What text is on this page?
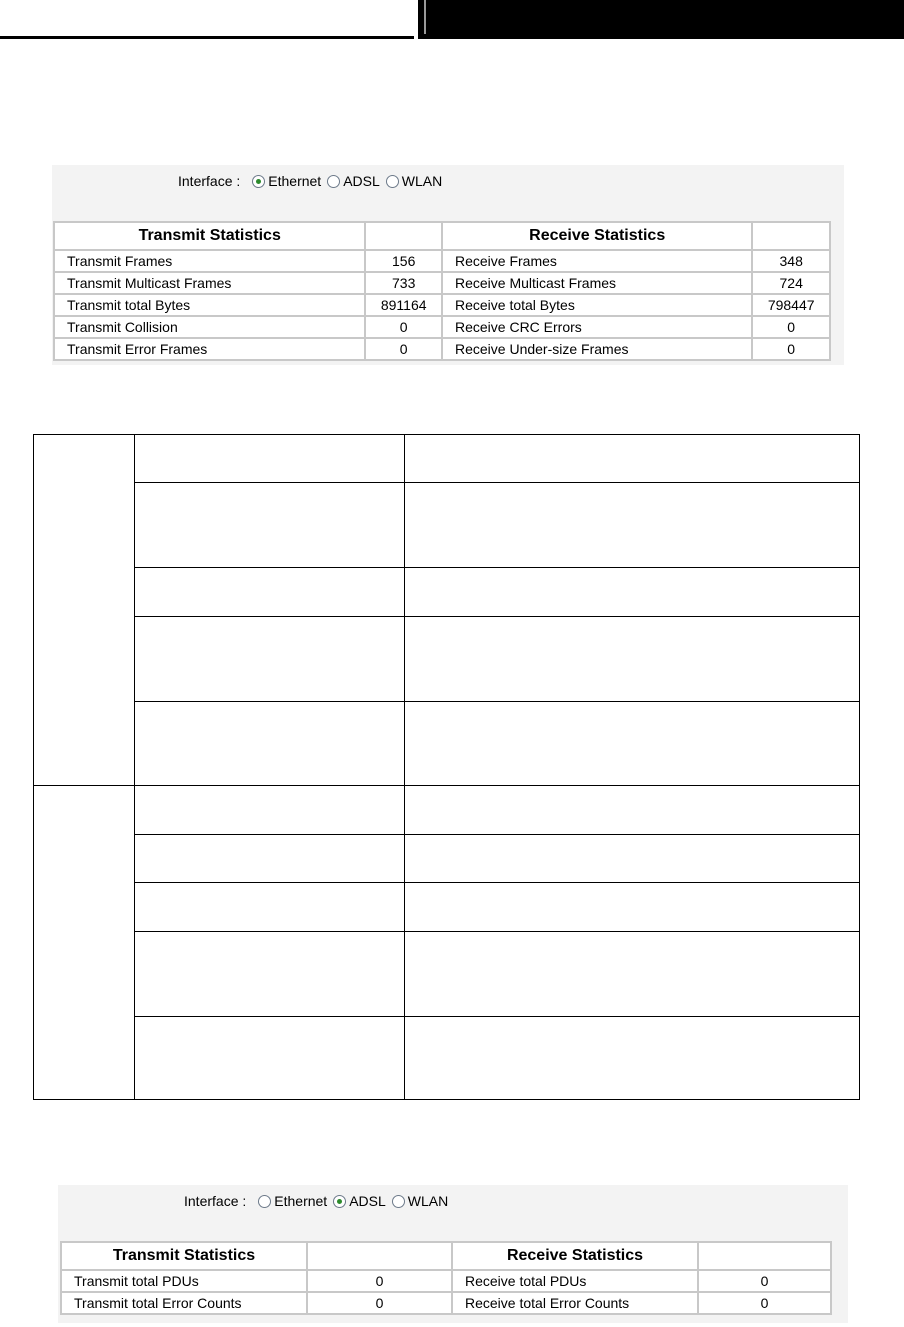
Interface : Ethernet ADSL WLAN
Transmit Statistics		Receive Statistics	
Transmit Frames	156	Receive Frames	348
Transmit Multicast Frames	733	Receive Multicast Frames	724
Transmit total Bytes	891164	Receive total Bytes	798447
Transmit Collision	0	Receive CRC Errors	0
Transmit Error Frames	0	Receive Under-size Frames	0

Interface : Ethernet ADSL WLAN
Transmit Statistics		Receive Statistics	
Transmit total PDUs	0	Receive total PDUs	0
Transmit total Error Counts	0	Receive total Error Counts	0
